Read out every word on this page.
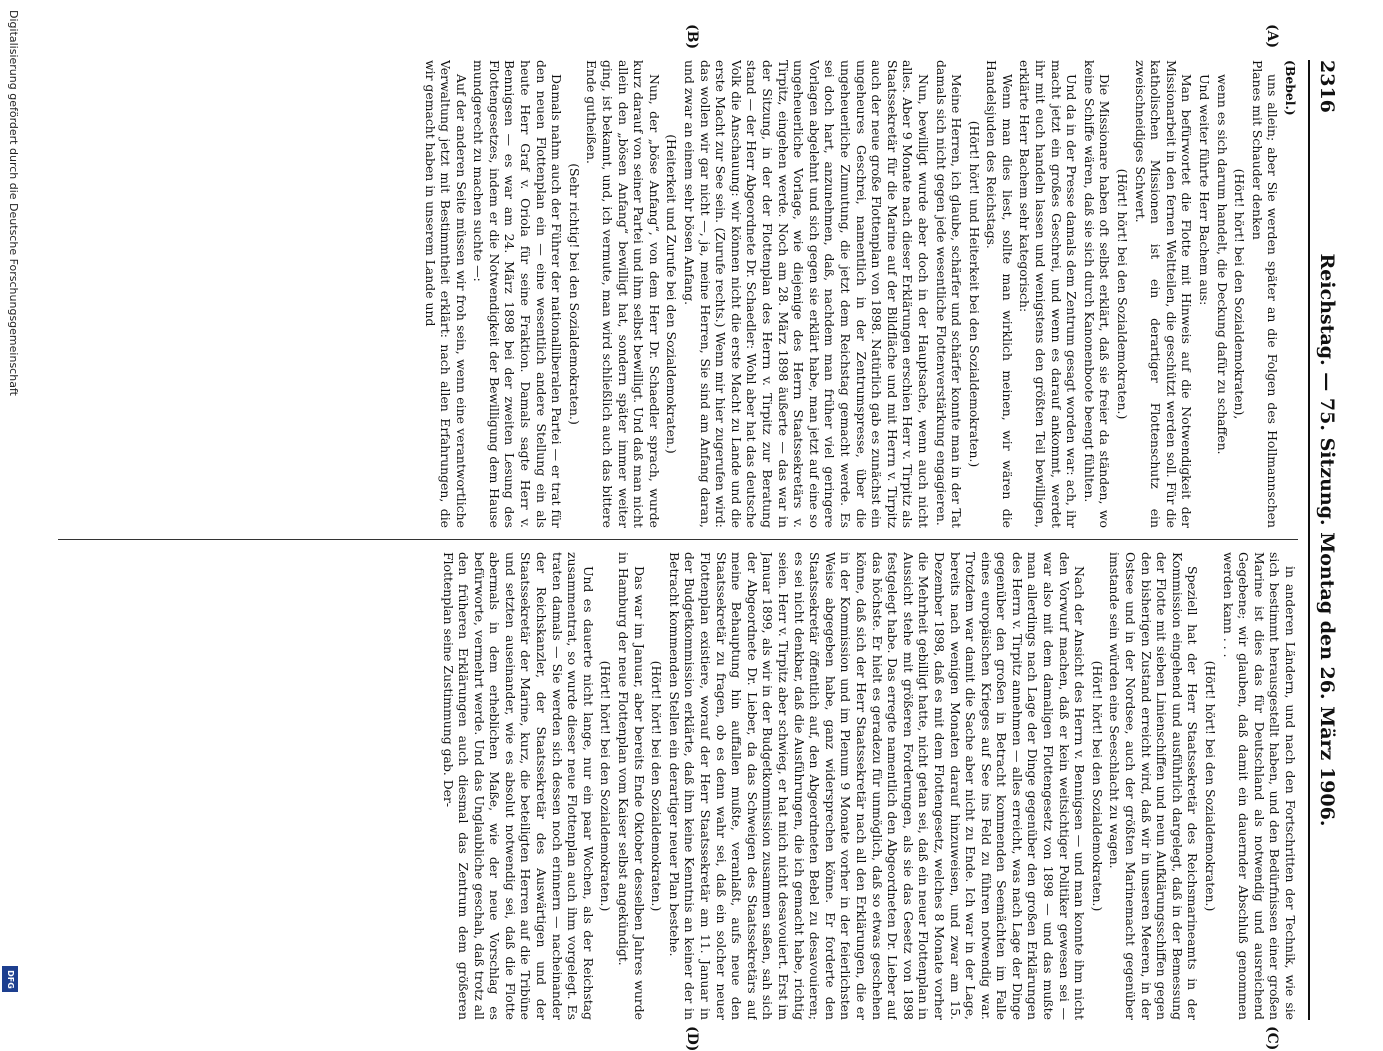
2316
Reichstag. — 75. Sitzung. Montag den 26. März 1906.

(Bebel.)

uns allein; aber Sie werden später an die Folgen des Hollmannschen Planes mit Schauder denken

(Hört! hört! bei den Sozialdemokraten),

wenn es sich darum handelt, die Deckung dafür zu schaffen.

Und weiter führte Herr Bachem aus:

Man befürwortet die Flotte mit Hinweis auf die Notwendigkeit der Missionarbeit in den fernen Weltteilen, die geschützt werden soll. Für die katholischen Missionen ist ein derartiger Flottenschutz ein zweischneidiges Schwert.

(Hört! hört! bei den Sozialdemokraten.)

Die Missionare haben oft selbst erklärt, daß sie freier da ständen, wo keine Schiffe wären, daß sie sich durch Kanonenboote beengt fühlten.

Und da in der Presse damals dem Zentrum gesagt worden war: ach, ihr macht jetzt ein großes Geschrei, und wenn es darauf ankommt, werdet ihr mit euch handeln lassen und wenigstens den größten Teil bewilligen, erklärte Herr Bachem sehr kategorisch:

Wenn man dies liest, sollte man wirklich meinen, wir wären die Handelsjuden des Reichstags.

(Hört! hört! und Heiterkeit bei den Sozialdemokraten.)

Meine Herren, ich glaube, schärfer und schärfer konnte man in der Tat damals sich nicht gegen jede wesentliche Flottenverstärkung engagieren.

Nun, bewilligt wurde aber doch in der Hauptsache, wenn auch nicht alles. Aber 9 Monate nach dieser Erklärungen erschien Herr v. Tirpitz als Staatssekretär für die Marine auf der Bildfläche und mit Herrn v. Tirpitz auch der neue große Flottenplan von 1898. Natürlich gab es zunächst ein ungeheures Geschrei, namentlich in der Zentrumspresse, über die ungeheuerliche Zumutung, die jetzt dem Reichstag gemacht werde. Es sei doch hart, anzunehmen, daß, nachdem man früher viel geringere Vorlagen abgelehnt und sich gegen sie erklärt habe, man jetzt auf eine so ungeheuerliche Vorlage, wie diejenige des Herrn Staatssekretärs v. Tirpitz, eingehen werde. Noch am 28. März 1898 äußerte — das war in der Sitzung, in der der Flottenplan des Herrn v. Tirpitz zur Beratung stand — der Herr Abgeordnete Dr. Schaedler: Wohl aber hat das deutsche Volk die Anschauung: wir können nicht die erste Macht zu Lande und die erste Macht zur See sein. (Zurufe rechts.) Wenn mir hier zugerufen wird: das wollen wir gar nicht —, ja, meine Herren, Sie sind am Anfang daran, und zwar an einem sehr bösen Anfang.

(Heiterkeit und Zurufe bei den Sozialdemokraten.)

Nun, der „böse Anfang“, von dem Herr Dr. Schaedler sprach, wurde kurz darauf von seiner Partei und ihm selbst bewilligt. Und daß man nicht allein den „bösen Anfang“ bewilligt hat, sondern später immer weiter ging, ist bekannt, und, ich vermute, man wird schließlich auch das bittere Ende gutheißen.

(Sehr richtig! bei den Sozialdemokraten.)

Damals nahm auch der Führer der nationalliberalen Partei — er trat für den neuen Flottenplan ein — eine wesentlich andere Stellung ein als heute Herr Graf v. Oriola für seine Fraktion. Damals sagte Herr v. Bennigsen — es war am 24. März 1898 bei der zweiten Lesung des Flottengesetzes, indem er die Notwendigkeit der Bewilligung dem Hause mundgerecht zu machen suchte —:

Auf der anderen Seite müssen wir froh sein, wenn eine verantwortliche Verwaltung jetzt mit Bestimmtheit erklärt: nach allen Erfahrungen, die wir gemacht haben in unserem Lande und

in anderen Ländern, und nach den Fortschritten der Technik, wie sie sich bestimmt herausgestellt haben, und den Bedürfnissen einer großen Marine ist dies das für Deutschland als notwendig und ausreichend Gegebene; wir glauben, daß damit ein dauernder Abschluß genommen werden kann . . .

(Hört! hört! bei den Sozialdemokraten.)

Speziell hat der Herr Staatssekretär des Reichsmarineamts in der Kommission eingehend und ausführlich dargelegt, daß in der Bemessung der Flotte mit sieben Linienschiffen und neun Aufklärungsschiffen gegen den bisherigen Zustand erreicht wird, daß wir in unseren Meeren, in der Ostsee und in der Nordsee, auch der größten Marinemacht gegenüber imstande sein würden eine Seeschlacht zu wagen.

(Hört! hört! bei den Sozialdemokraten.)

Nach der Ansicht des Herrn v. Bennigsen — und man konnte ihm nicht den Vorwurf machen, daß er kein weitsichtiger Politiker gewesen sei — war also mit dem damaligen Flottengesetz von 1898 — und das mußte man allerdings nach Lage der Dinge gegenüber den großen Erklärungen des Herrn v. Tirpitz annehmen — alles erreicht, was nach Lage der Dinge gegenüber den großen in Betracht kommenden Seemächten im Falle eines europäischen Krieges auf See ins Feld zu führen notwendig war. Trotzdem war damit die Sache aber nicht zu Ende. Ich war in der Lage, bereits nach wenigen Monaten darauf hinzuweisen, und zwar am 15. Dezember 1898, daß es mit dem Flottengesetz, welches 8 Monate vorher die Mehrheit gebilligt hatte, nicht getan sei, daß ein neuer Flottenplan in Aussicht stehe mit größeren Forderungen, als sie das Gesetz von 1898 festgelegt habe. Das erregte namentlich den Abgeordneten Dr. Lieber auf das höchste. Er hielt es geradezu für unmöglich, daß so etwas geschehen könne, daß sich der Herr Staatssekretär nach all den Erklärungen, die er in der Kommission und im Plenum 9 Monate vorher in der feierlichsten Weise abgegeben habe, ganz widersprechen könne. Er forderte den Staatssekretär öffentlich auf, den Abgeordneten Bebel zu desavouieren; es sei nicht denkbar, daß die Ausführungen, die ich gemacht habe, richtig seien. Herr v. Tirpitz aber schwieg, er hat mich nicht desavouiert. Erst im Januar 1899, als wir in der Budgetkommission zusammen saßen, sah sich der Abgeordnete Dr. Lieber, da das Schweigen des Staatssekretärs auf meine Behauptung hin auffallen mußte, veranlaßt, aufs neue den Staatssekretär zu fragen, ob es denn wahr sei, daß ein solcher neuer Flottenplan existiere, worauf der Herr Staatssekretär am 11. Januar in der Budgetkommission erklärte, daß ihm keine Kenntnis an keiner der in Betracht kommenden Stellen ein derartiger neuer Plan bestehe.

(Hört! hört! bei den Sozialdemokraten.)

Das war im Januar, aber bereits Ende Oktober desselben Jahres wurde in Hamburg der neue Flottenplan vom Kaiser selbst angekündigt.

(Hört! hört! bei den Sozialdemokraten.)

Und es dauerte nicht lange, nur ein paar Wochen, als der Reichstag zusammentrat, so wurde dieser neue Flottenplan auch ihm vorgelegt. Es traten damals — Sie werden sich dessen noch erinnern — nacheinander der Reichskanzler, der Staatssekretär des Auswärtigen und der Staatssekretär der Marine, kurz, die beteiligten Herren auf die Tribüne und setzten auseinander, wie es absolut notwendig sei, daß die Flotte abermals in dem erheblichen Maße, wie der neue Vorschlag es befürworte, vermehrt werde. Und das Unglaubliche geschah, daß trotz all den früheren Erklärungen auch diesmal das Zentrum dem größeren Flottenplan seine Zustimmung gab. Der-

(A)
(B)
(C)
(D)
Digitalisierung gefördert durch die Deutsche Forschungsgemeinschaft
DFG
